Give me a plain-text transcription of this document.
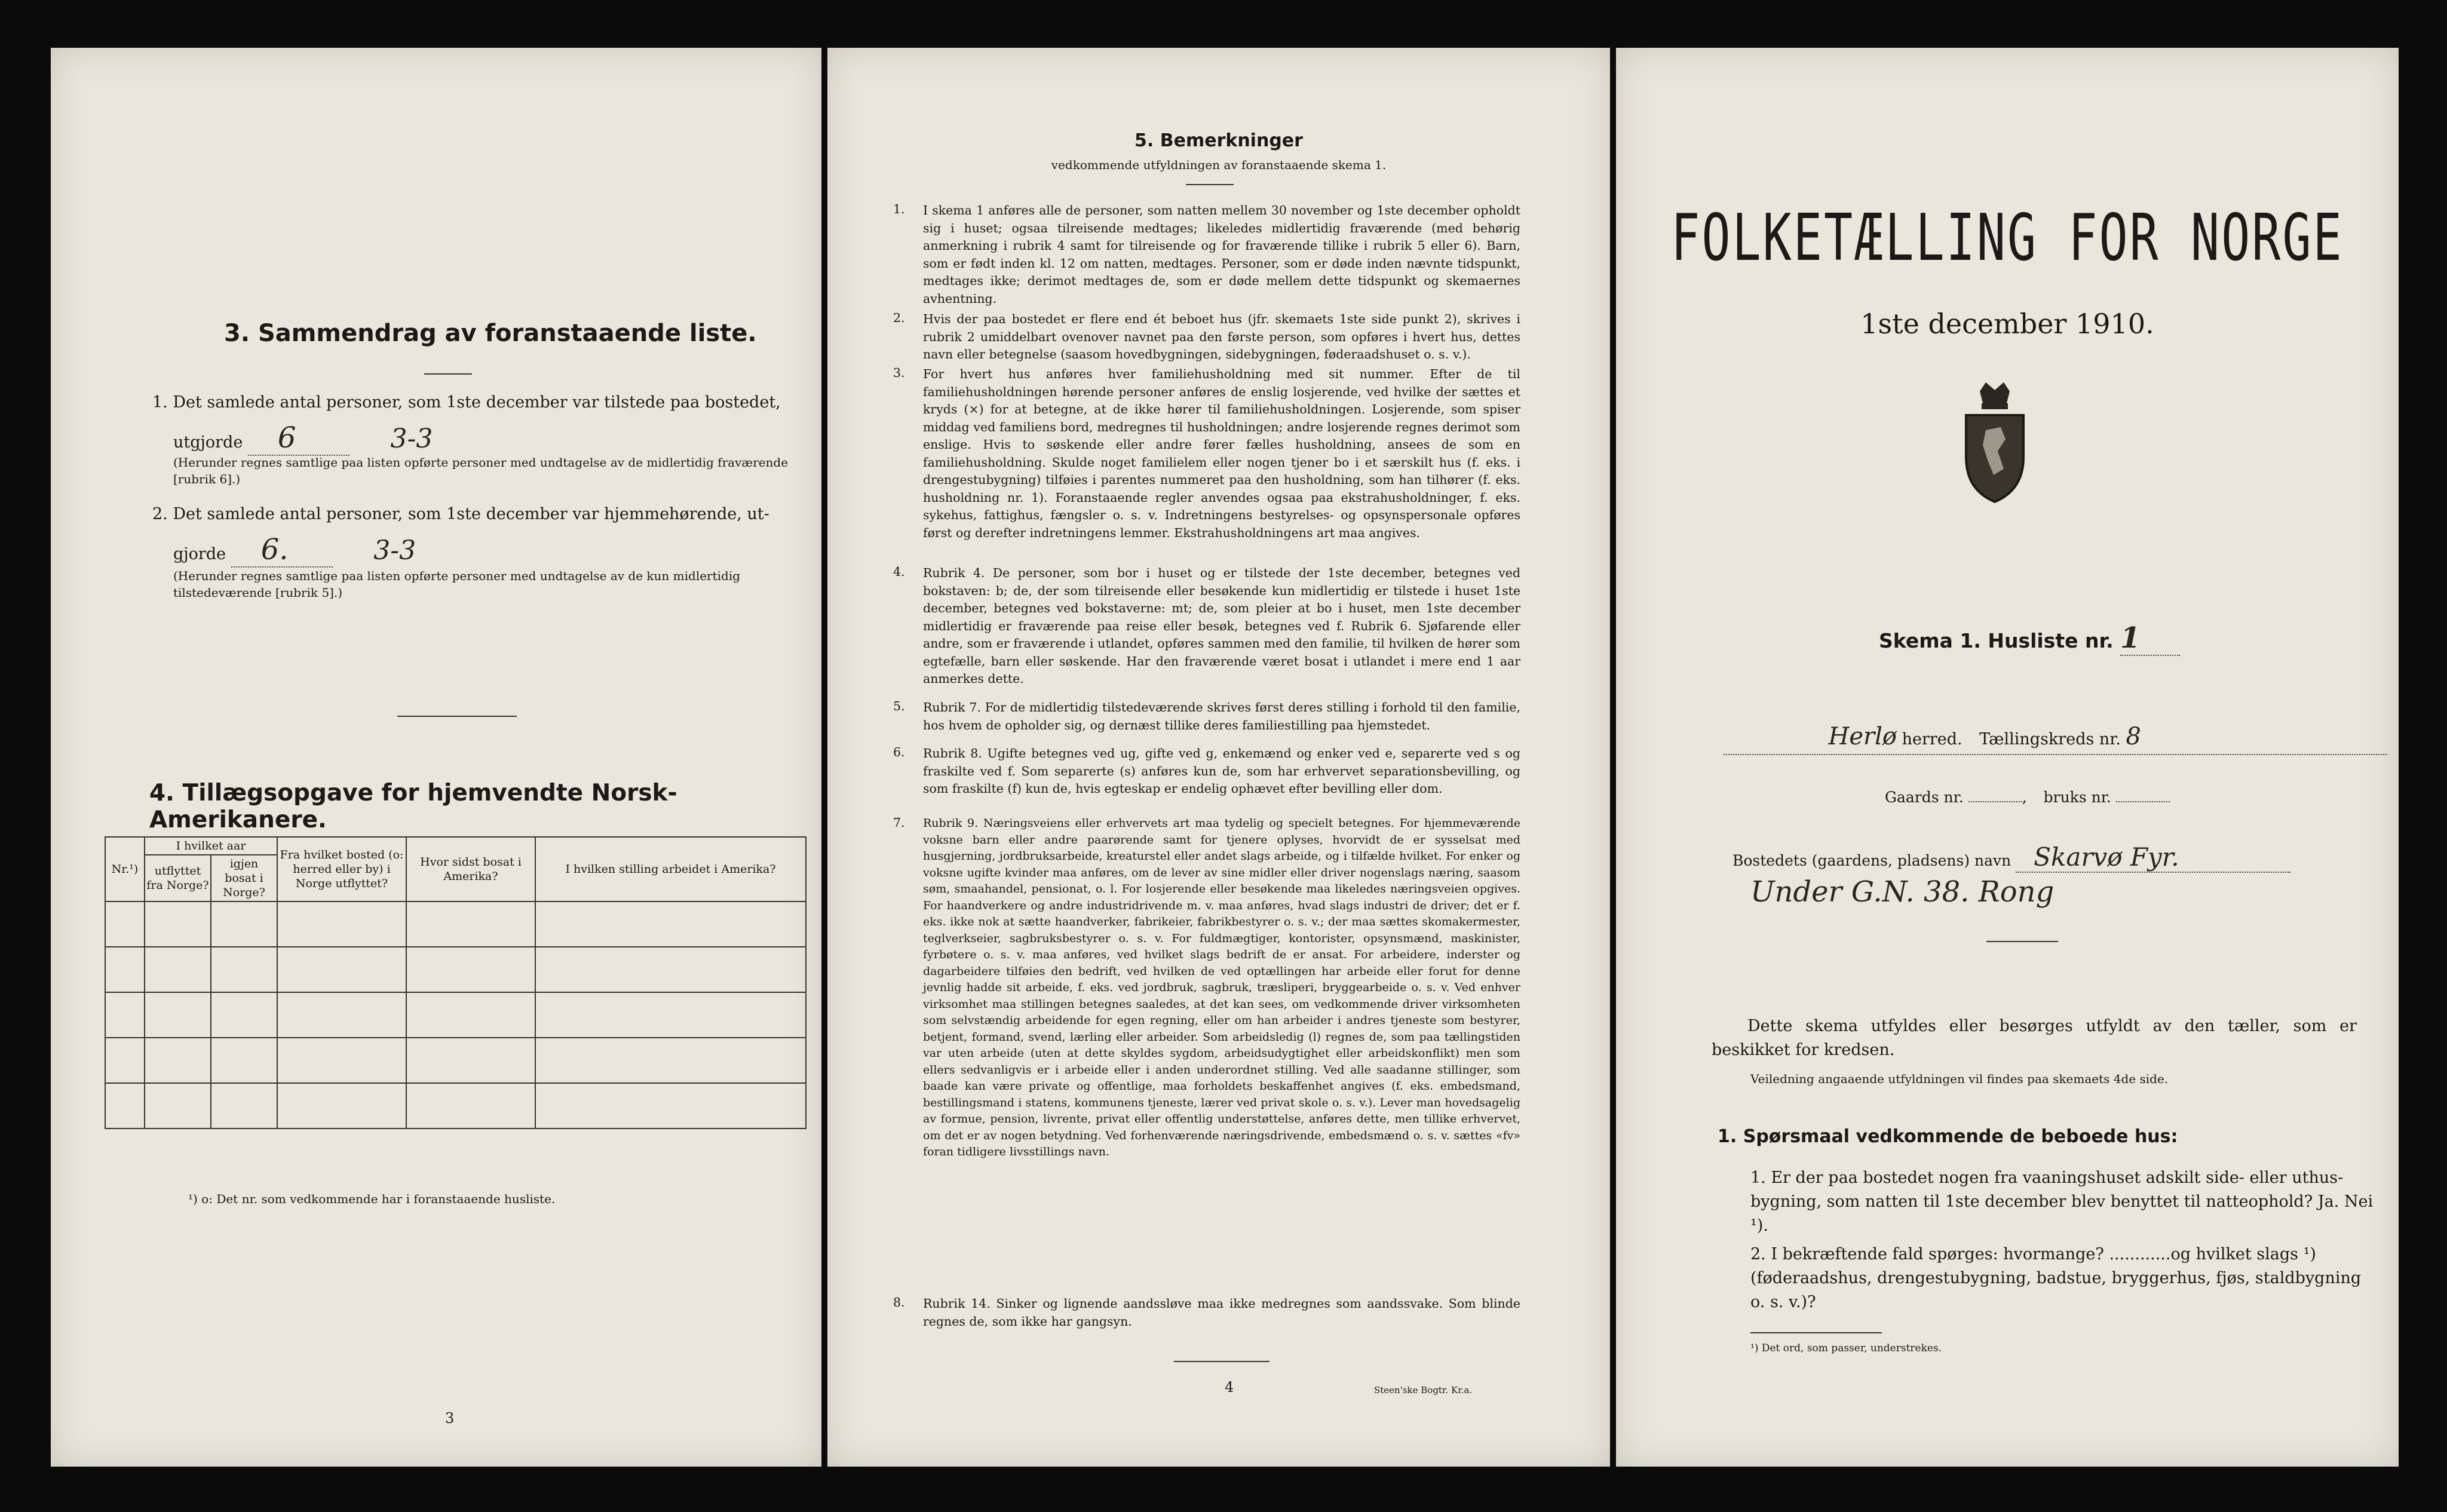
3. Sammendrag av foranstaaende liste.
1. Det samlede antal personer, som 1ste december var tilstede paa bostedet,
utgjorde 6	3-3
(Herunder regnes samtlige paa listen opførte personer med undtagelse av de midlertidig fraværende [rubrik 6].)
2. Det samlede antal personer, som 1ste december var hjemmehørende, ut-
gjorde 6.	3-3
(Herunder regnes samtlige paa listen opførte personer med undtagelse av de kun midlertidig tilstedeværende [rubrik 5].)
4. Tillægsopgave for hjemvendte Norsk-Amerikanere.
Nr.¹)	I hvilket aar		Fra hvilket bosted (o: herred eller by) i Norge utflyttet?	Hvor sidst bosat i Amerika?	I hvilken stilling arbeidet i Amerika?
	utflyttet fra Norge?	igjen bosat i Norge?			

¹) o: Det nr. som vedkommende har i foranstaaende husliste.
3
5. Bemerkninger
vedkommende utfyldningen av foranstaaende skema 1.
1. I skema 1 anføres alle de personer, som natten mellem 30 november og 1ste december opholdt sig i huset; ogsaa tilreisende medtages; likeledes midlertidig fraværende (med behørig anmerkning i rubrik 4 samt for tilreisende og for fraværende tillike i rubrik 5 eller 6). Barn, som er født inden kl. 12 om natten, medtages. Personer, som er døde inden nævnte tidspunkt, medtages ikke; derimot medtages de, som er døde mellem dette tidspunkt og skemaernes avhentning.
2. Hvis der paa bostedet er flere end ét beboet hus (jfr. skemaets 1ste side punkt 2), skrives i rubrik 2 umiddelbart ovenover navnet paa den første person, som opføres i hvert hus, dettes navn eller betegnelse (saasom hovedbygningen, sidebygningen, føderaadshuset o. s. v.).
3. For hvert hus anføres hver familiehusholdning med sit nummer. Efter de til familiehusholdningen hørende personer anføres de enslig losjerende, ved hvilke der sættes et kryds (×) for at betegne, at de ikke hører til familiehusholdningen. Losjerende, som spiser middag ved familiens bord, medregnes til husholdningen; andre losjerende regnes derimot som enslige. Hvis to søskende eller andre fører fælles husholdning, ansees de som en familiehusholdning. Skulde noget familielem eller nogen tjener bo i et særskilt hus (f. eks. i drengestubygning) tilføies i parentes nummeret paa den husholdning, som han tilhører (f. eks. husholdning nr. 1). Foranstaaende regler anvendes ogsaa paa ekstrahusholdninger, f. eks. sykehus, fattighus, fængsler o. s. v. Indretningens bestyrelses- og opsynspersonale opføres først og derefter indretningens lemmer. Ekstrahusholdningens art maa angives.
4. Rubrik 4. De personer, som bor i huset og er tilstede der 1ste december, betegnes ved bokstaven: b; de, der som tilreisende eller besøkende kun midlertidig er tilstede i huset 1ste december, betegnes ved bokstaverne: mt; de, som pleier at bo i huset, men 1ste december midlertidig er fraværende paa reise eller besøk, betegnes ved f. Rubrik 6. Sjøfarende eller andre, som er fraværende i utlandet, opføres sammen med den familie, til hvilken de hører som egtefælle, barn eller søskende. Har den fraværende været bosat i utlandet i mere end 1 aar anmerkes dette.
5. Rubrik 7. For de midlertidig tilstedeværende skrives først deres stilling i forhold til den familie, hos hvem de opholder sig, og dernæst tillike deres familiestilling paa hjemstedet.
6. Rubrik 8. Ugifte betegnes ved ug, gifte ved g, enkemænd og enker ved e, separerte ved s og fraskilte ved f. Som separerte (s) anføres kun de, som har erhvervet separationsbevilling, og som fraskilte (f) kun de, hvis egteskap er endelig ophævet efter bevilling eller dom.
7. Rubrik 9. Næringsveiens eller erhvervets art maa tydelig og specielt betegnes. For hjemmeværende voksne barn eller andre paarørende samt for tjenere oplyses, hvorvidt de er sysselsat med husgjerning, jordbruksarbeide, kreaturstel eller andet slags arbeide, og i tilfælde hvilket. For enker og voksne ugifte kvinder maa anføres, om de lever av sine midler eller driver nogenslags næring, saasom søm, smaahandel, pensionat, o. l. For losjerende eller besøkende maa likeledes næringsveien opgives. For haandverkere og andre industridrivende m. v. maa anføres, hvad slags industri de driver; det er f. eks. ikke nok at sætte haandverker, fabrikeier, fabrikbestyrer o. s. v.; der maa sættes skomakermester, teglverkseier, sagbruksbestyrer o. s. v. For fuldmægtiger, kontorister, opsynsmænd, maskinister, fyrbøtere o. s. v. maa anføres, ved hvilket slags bedrift de er ansat. For arbeidere, inderster og dagarbeidere tilføies den bedrift, ved hvilken de ved optællingen har arbeide eller forut for denne jevnlig hadde sit arbeide, f. eks. ved jordbruk, sagbruk, træsliperi, bryggearbeide o. s. v. Ved enhver virksomhet maa stillingen betegnes saaledes, at det kan sees, om vedkommende driver virksomheten som selvstændig arbeidende for egen regning, eller om han arbeider i andres tjeneste som bestyrer, betjent, formand, svend, lærling eller arbeider. Som arbeidsledig (l) regnes de, som paa tællingstiden var uten arbeide (uten at dette skyldes sygdom, arbeidsudygtighet eller arbeidskonflikt) men som ellers sedvanligvis er i arbeide eller i anden underordnet stilling. Ved alle saadanne stillinger, som baade kan være private og offentlige, maa forholdets beskaffenhet angives (f. eks. embedsmand, bestillingsmand i statens, kommunens tjeneste, lærer ved privat skole o. s. v.). Lever man hovedsagelig av formue, pension, livrente, privat eller offentlig understøttelse, anføres dette, men tillike erhvervet, om det er av nogen betydning. Ved forhenværende næringsdrivende, embedsmænd o. s. v. sættes «fv» foran tidligere livsstillings navn.
8. Rubrik 14. Sinker og lignende aandssløve maa ikke medregnes som aandssvake. Som blinde regnes de, som ikke har gangsyn.
4	Steen'ske Bogtr. Kr.a.
FOLKETÆLLING FOR NORGE
1ste december 1910.
Skema 1. Husliste nr. 1
Herlø herred. Tællingskreds nr. 8
Gaards nr.	, bruks nr.
Bostedets (gaardens, pladsens) navn Skarvø Fyr.
Under G.N. 38. Rong
Dette skema utfyldes eller besørges utfyldt av den tæller, som er beskikket for kredsen.
Veiledning angaaende utfyldningen vil findes paa skemaets 4de side.
1. Spørsmaal vedkommende de beboede hus:
1. Er der paa bostedet nogen fra vaaningshuset adskilt side- eller uthus-bygning, som natten til 1ste december blev benyttet til natteophold? Ja. Nei ¹).
2. I bekræftende fald spørges: hvormange? ............og hvilket slags ¹) (føderaadshus, drengestubygning, badstue, bryggerhus, fjøs, staldbygning o. s. v.)?
¹) Det ord, som passer, understrekes.
